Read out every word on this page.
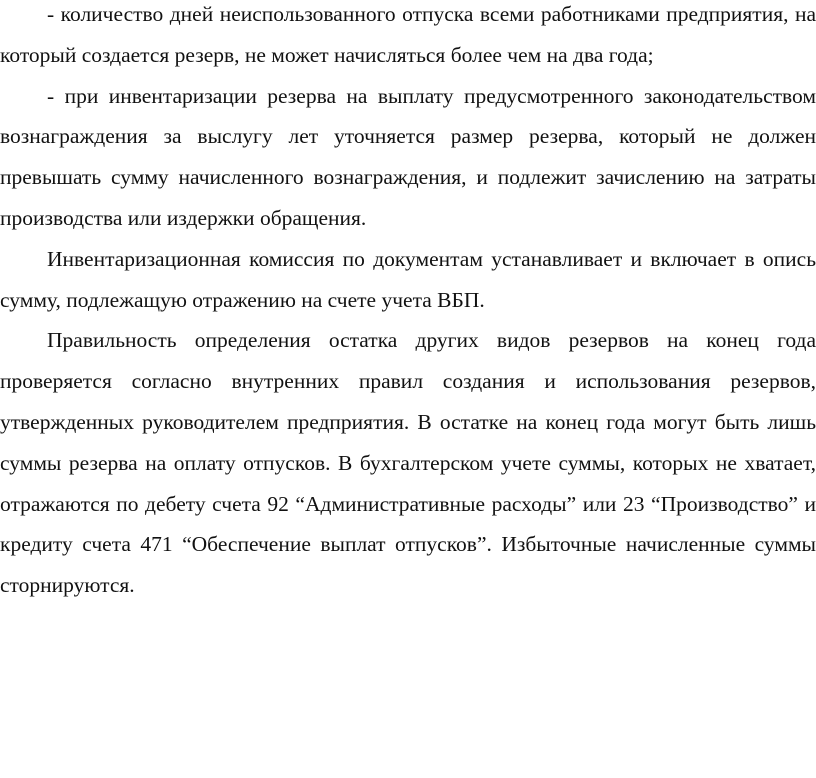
- количество дней неиспользованного отпуска всеми работниками предприятия, на который создается резерв, не может начисляться более чем на два года;

- при инвентаризации резерва на выплату предусмотренного законодательством вознаграждения за выслугу лет уточняется размер резерва, который не должен превышать сумму начисленного вознаграждения, и подлежит зачислению на затраты производства или издержки обращения.

Инвентаризационная комиссия по документам устанавливает и включает в опись сумму, подлежащую отражению на счете учета ВБП.

Правильность определения остатка других видов резервов на конец года проверяется согласно внутренних правил создания и использования резервов, утвержденных руководителем предприятия. В остатке на конец года могут быть лишь суммы резерва на оплату отпусков. В бухгалтерском учете суммы, которых не хватает, отражаются по дебету счета 92 “Административные расходы” или 23 “Производство” и кредиту счета 471 “Обеспечение выплат отпусков”. Избыточные начисленные суммы сторнируются.
